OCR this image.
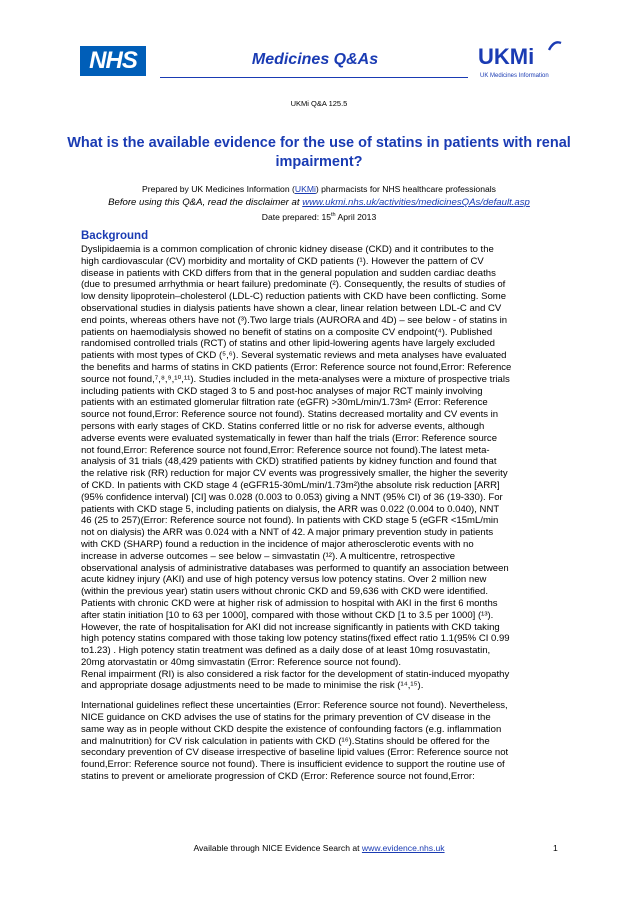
NHS	Medicines Q&As	UKMi
UK Medicines Information
UKMi Q&A 125.5
What is the available evidence for the use of statins in patients with renal impairment?
Prepared by UK Medicines Information (UKMi) pharmacists for NHS healthcare professionals
Before using this Q&A, read the disclaimer at www.ukmi.nhs.uk/activities/medicinesQAs/default.asp
Date prepared: 15th April 2013
Background
Dyslipidaemia is a common complication of chronic kidney disease (CKD) and it contributes to the
high cardiovascular (CV) morbidity and mortality of CKD patients (¹). However the pattern of CV
disease in patients with CKD differs from that in the general population and sudden cardiac deaths
(due to presumed arrhythmia or heart failure) predominate (²). Consequently, the results of studies of
low density lipoprotein–cholesterol (LDL-C) reduction patients with CKD have been conflicting. Some
observational studies in dialysis patients have shown a clear, linear relation between LDL-C and CV
end points, whereas others have not (³).Two large trials (AURORA and 4D) – see below - of statins in
patients on haemodialysis showed no benefit of statins on a composite CV endpoint(⁴). Published
randomised controlled trials (RCT) of statins and other lipid-lowering agents have largely excluded
patients with most types of CKD (⁵,⁶). Several systematic reviews and meta analyses have evaluated
the benefits and harms of statins in CKD patients (Error: Reference source not found,Error: Reference
source not found,⁷,⁸,⁹,¹⁰,¹¹). Studies included in the meta-analyses were a mixture of prospective trials
including patients with CKD staged 3 to 5 and post-hoc analyses of major RCT mainly involving
patients with an estimated glomerular filtration rate (eGFR) >30mL/min/1.73m² (Error: Reference
source not found,Error: Reference source not found). Statins decreased mortality and CV events in
persons with early stages of CKD. Statins conferred little or no risk for adverse events, although
adverse events were evaluated systematically in fewer than half the trials (Error: Reference source
not found,Error: Reference source not found,Error: Reference source not found).The latest meta-
analysis of 31 trials (48,429 patients with CKD) stratified patients by kidney function and found that
the relative risk (RR) reduction for major CV events was progressively smaller, the higher the severity
of CKD. In patients with CKD stage 4 (eGFR15-30mL/min/1.73m²)the absolute risk reduction [ARR]
(95% confidence interval) [CI] was 0.028 (0.003 to 0.053) giving a NNT (95% CI) of 36 (19-330). For
patients with CKD stage 5, including patients on dialysis, the ARR was 0.022 (0.004 to 0.040), NNT
46 (25 to 257)(Error: Reference source not found). In patients with CKD stage 5 (eGFR <15mL/min
not on dialysis) the ARR was 0.024 with a NNT of 42. A major primary prevention study in patients
with CKD (SHARP) found a reduction in the incidence of major atherosclerotic events with no
increase in adverse outcomes – see below – simvastatin (¹²). A multicentre, retrospective
observational analysis of administrative databases was performed to quantify an association between
acute kidney injury (AKI) and use of high potency versus low potency statins. Over 2 million new
(within the previous year) statin users without chronic CKD and 59,636 with CKD were identified.
Patients with chronic CKD were at higher risk of admission to hospital with AKI in the first 6 months
after statin initiation [10 to 63 per 1000], compared with those without CKD [1 to 3.5 per 1000] (¹³).
However, the rate of hospitalisation for AKI did not increase significantly in patients with CKD taking
high potency statins compared with those taking low potency statins(fixed effect ratio 1.1(95% CI 0.99
to1.23) . High potency statin treatment was defined as a daily dose of at least 10mg rosuvastatin,
20mg atorvastatin or 40mg simvastatin (Error: Reference source not found).
Renal impairment (RI) is also considered a risk factor for the development of statin-induced myopathy
and appropriate dosage adjustments need to be made to minimise the risk (¹⁴,¹⁵).
International guidelines reflect these uncertainties (Error: Reference source not found). Nevertheless,
NICE guidance on CKD advises the use of statins for the primary prevention of CV disease in the
same way as in people without CKD despite the existence of confounding factors (e.g. inflammation
and malnutrition) for CV risk calculation in patients with CKD (¹⁶).Statins should be offered for the
secondary prevention of CV disease irrespective of baseline lipid values (Error: Reference source not
found,Error: Reference source not found). There is insufficient evidence to support the routine use of
statins to prevent or ameliorate progression of CKD (Error: Reference source not found,Error:
Available through NICE Evidence Search at www.evidence.nhs.uk	1
